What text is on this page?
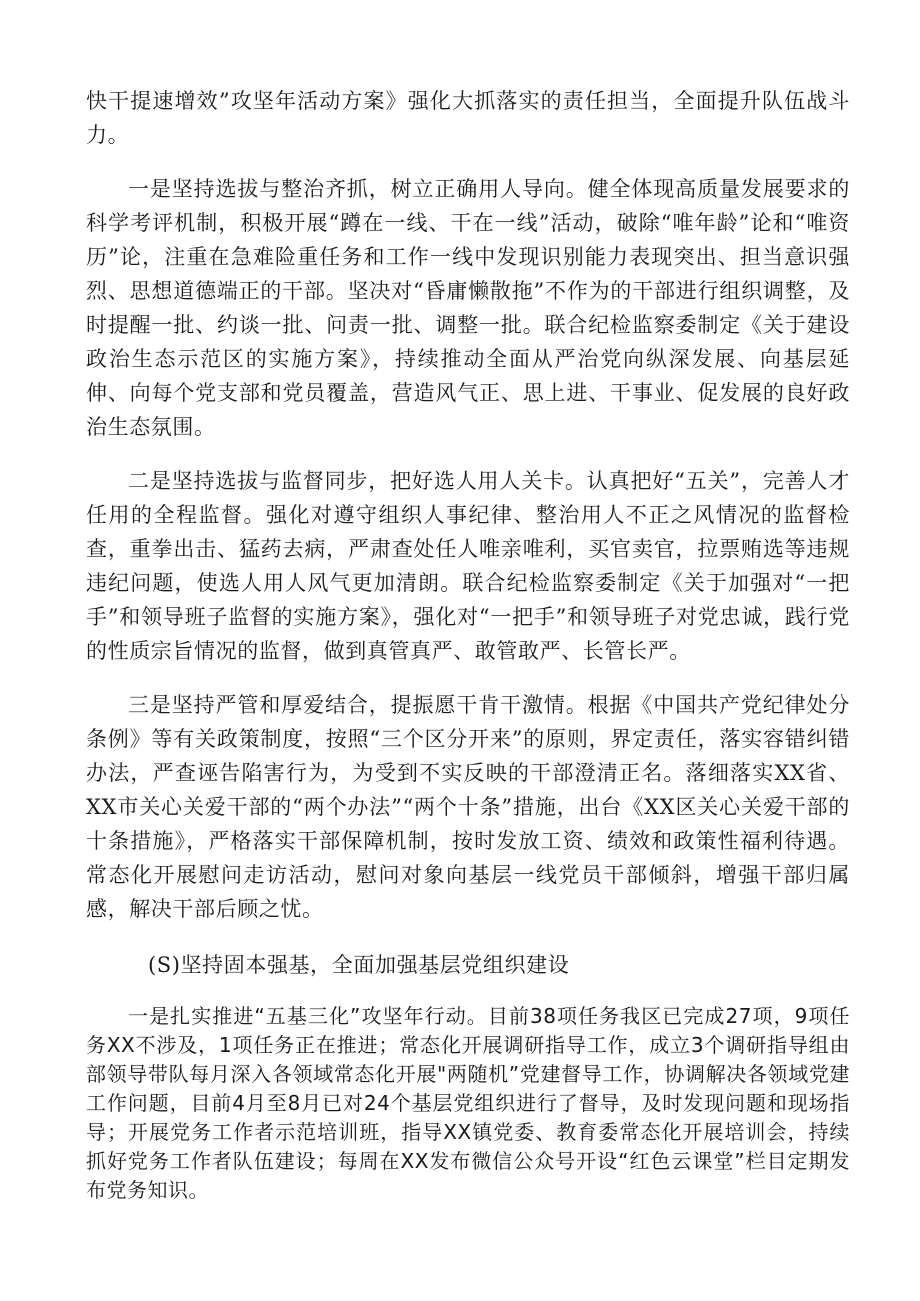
快干提速增效”攻坚年活动方案》强化大抓落实的责任担当，全面提升队伍战斗力。

一是坚持选拔与整治齐抓，树立正确用人导向。健全体现高质量发展要求的科学考评机制，积极开展“蹲在一线、干在一线”活动，破除“唯年龄”论和“唯资历”论，注重在急难险重任务和工作一线中发现识别能力表现突出、担当意识强烈、思想道德端正的干部。坚决对“昏庸懒散拖”不作为的干部进行组织调整，及时提醒一批、约谈一批、问责一批、调整一批。联合纪检监察委制定《关于建设政治生态示范区的实施方案》，持续推动全面从严治党向纵深发展、向基层延伸、向每个党支部和党员覆盖，营造风气正、思上进、干事业、促发展的良好政治生态氛围。

二是坚持选拔与监督同步，把好选人用人关卡。认真把好“五关”，完善人才任用的全程监督。强化对遵守组织人事纪律、整治用人不正之风情况的监督检查，重拳出击、猛药去病，严肃查处任人唯亲唯利，买官卖官，拉票贿选等违规违纪问题，使选人用人风气更加清朗。联合纪检监察委制定《关于加强对“一把手”和领导班子监督的实施方案》，强化对“一把手”和领导班子对党忠诚，践行党的性质宗旨情况的监督，做到真管真严、敢管敢严、长管长严。

三是坚持严管和厚爱结合，提振愿干肯干激情。根据《中国共产党纪律处分条例》等有关政策制度，按照“三个区分开来”的原则，界定责任，落实容错纠错办法，严查诬告陷害行为，为受到不实反映的干部澄清正名。落细落实XX省、XX市关心关爱干部的“两个办法”“两个十条”措施，出台《XX区关心关爱干部的十条措施》，严格落实干部保障机制，按时发放工资、绩效和政策性福利待遇。常态化开展慰问走访活动，慰问对象向基层一线党员干部倾斜，增强干部归属感，解决干部后顾之忧。

(S)坚持固本强基，全面加强基层党组织建设

一是扎实推进“五基三化”攻坚年行动。目前38项任务我区已完成27项，9项任务XX不涉及，1项任务正在推进；常态化开展调研指导工作，成立3个调研指导组由部领导带队每月深入各领域常态化开展"两随机”党建督导工作，协调解决各领域党建工作问题，目前4月至8月已对24个基层党组织进行了督导，及时发现问题和现场指导；开展党务工作者示范培训班，指导XX镇党委、教育委常态化开展培训会，持续抓好党务工作者队伍建设；每周在XX发布微信公众号开设“红色云课堂”栏目定期发布党务知识。
